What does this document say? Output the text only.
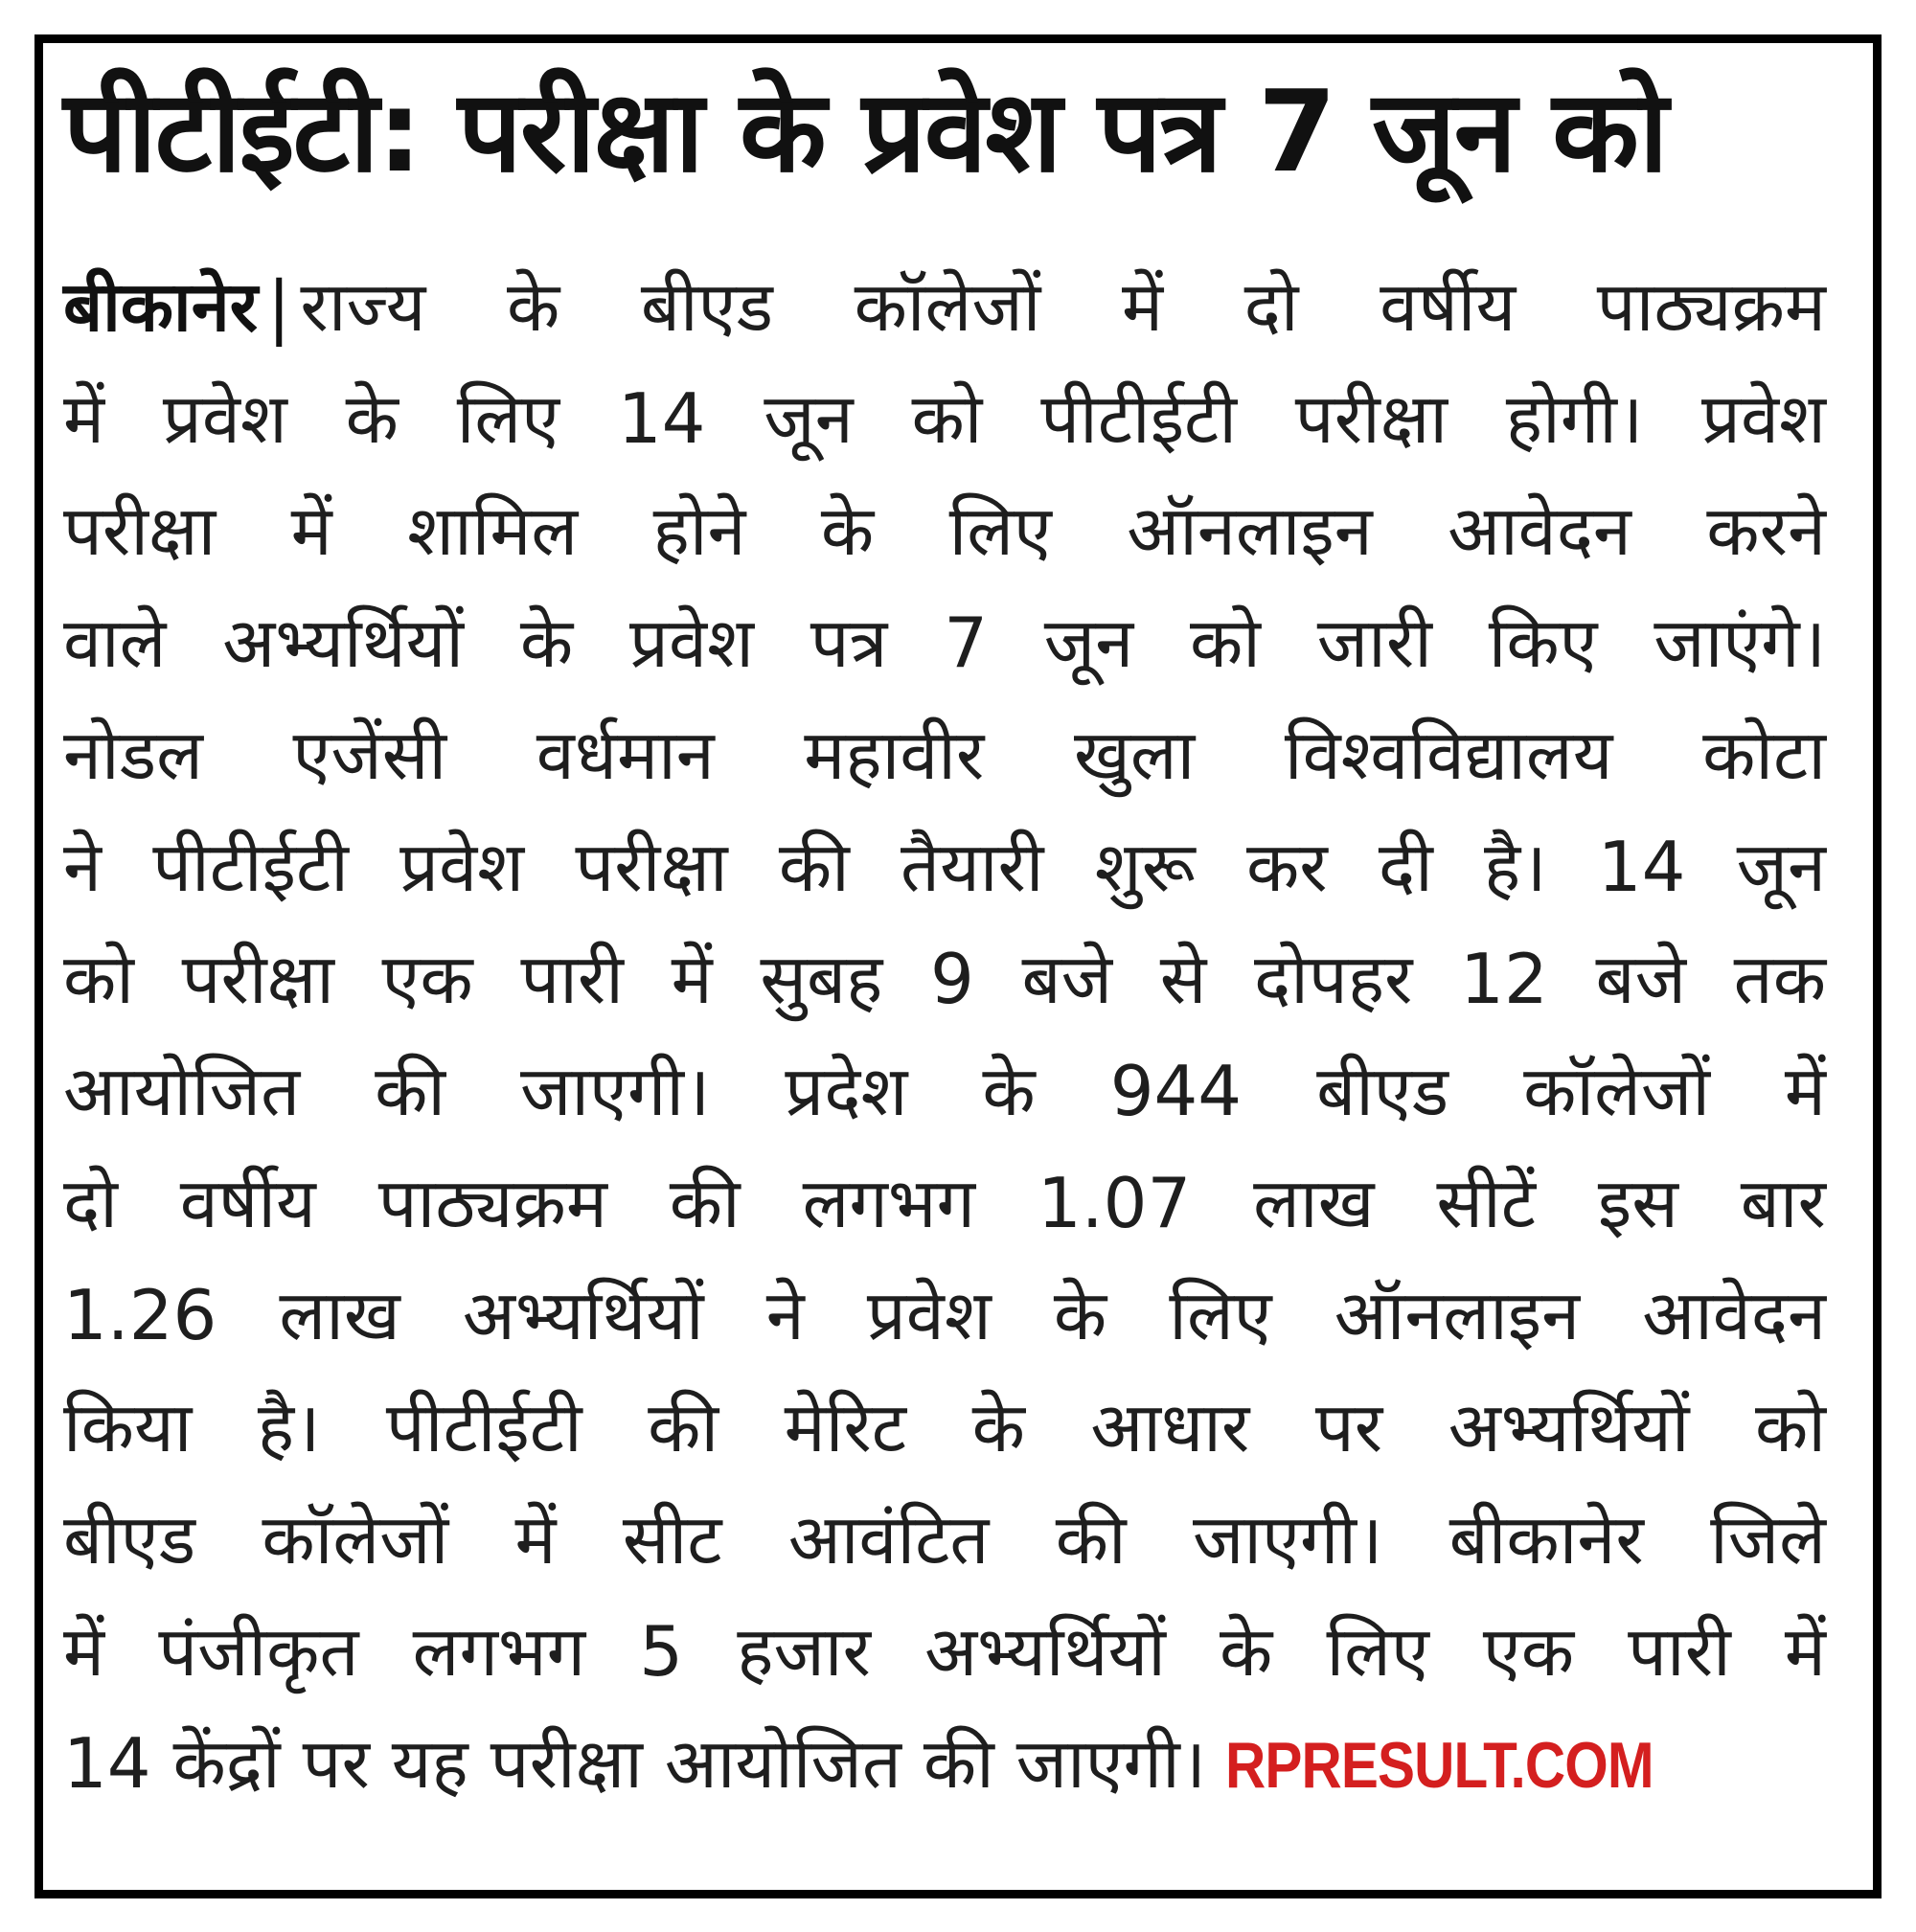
पीटीईटी: परीक्षा के प्रवेश पत्र 7 जून को
बीकानेर | राज्य के बीएड कॉलेजों में दो वर्षीय पाठ्यक्रम
में प्रवेश के लिए 14 जून को पीटीईटी परीक्षा होगी। प्रवेश
परीक्षा में शामिल होने के लिए ऑनलाइन आवेदन करने
वाले अभ्यर्थियों के प्रवेश पत्र 7 जून को जारी किए जाएंगे।
नोडल एजेंसी वर्धमान महावीर खुला विश्वविद्यालय कोटा
ने पीटीईटी प्रवेश परीक्षा की तैयारी शुरू कर दी है। 14 जून
को परीक्षा एक पारी में सुबह 9 बजे से दोपहर 12 बजे तक
आयोजित की जाएगी। प्रदेश के 944 बीएड कॉलेजों में
दो वर्षीय पाठ्यक्रम की लगभग 1.07 लाख सीटें इस बार
1.26 लाख अभ्यर्थियों ने प्रवेश के लिए ऑनलाइन आवेदन
किया है। पीटीईटी की मेरिट के आधार पर अभ्यर्थियों को
बीएड कॉलेजों में सीट आवंटित की जाएगी। बीकानेर जिले
में पंजीकृत लगभग 5 हजार अभ्यर्थियों के लिए एक पारी में
14 केंद्रों पर यह परीक्षा आयोजित की जाएगी। RPRESULT.COM
